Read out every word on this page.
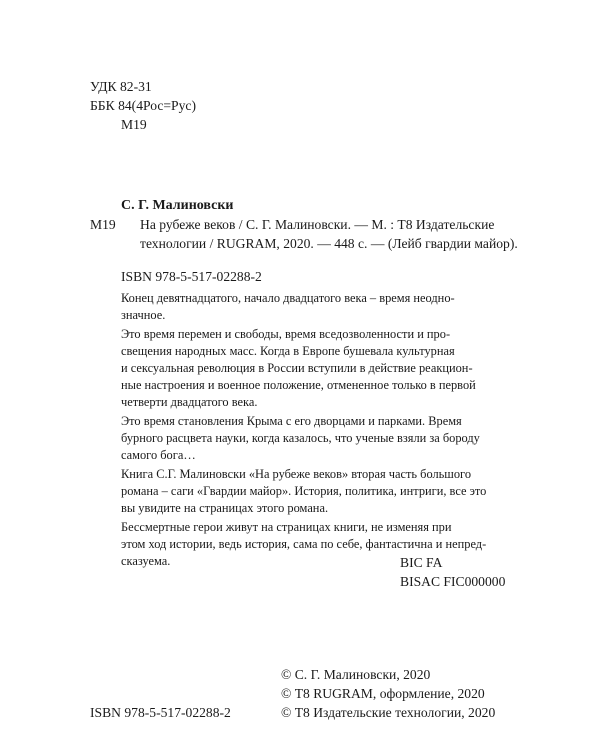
УДК 82-31
ББК 84(4Рос=Рус)
М19
С. Г. Малиновски
М19 На рубеже веков / С. Г. Малиновски. — М. : Т8 Издательские
технологии / RUGRAM, 2020. — 448 с. — (Лейб гвардии майор).
ISBN 978-5-517-02288-2
Конец девятнадцатого, начало двадцатого века – время неодно-
значное.
Это время перемен и свободы, время вседозволенности и про-
свещения народных масс. Когда в Европе бушевала культурная
и сексуальная революция в России вступили в действие реакцион-
ные настроения и военное положение, отмененное только в первой
четверти двадцатого века.
Это время становления Крыма с его дворцами и парками. Время
бурного расцвета науки, когда казалось, что ученые взяли за бороду
самого бога…
Книга С.Г. Малиновски «На рубеже веков» вторая часть большого
романа – саги «Гвардии майор». История, политика, интриги, все это
вы увидите на страницах этого романа.
Бессмертные герои живут на страницах книги, не изменяя при
этом ход истории, ведь история, сама по себе, фантастична и непред-
сказуема.	BIC FA
BISAC FIC000000
© С. Г. Малиновски, 2020
© Т8 RUGRAM, оформление, 2020
© Т8 Издательские технологии, 2020
ISBN 978-5-517-02288-2
